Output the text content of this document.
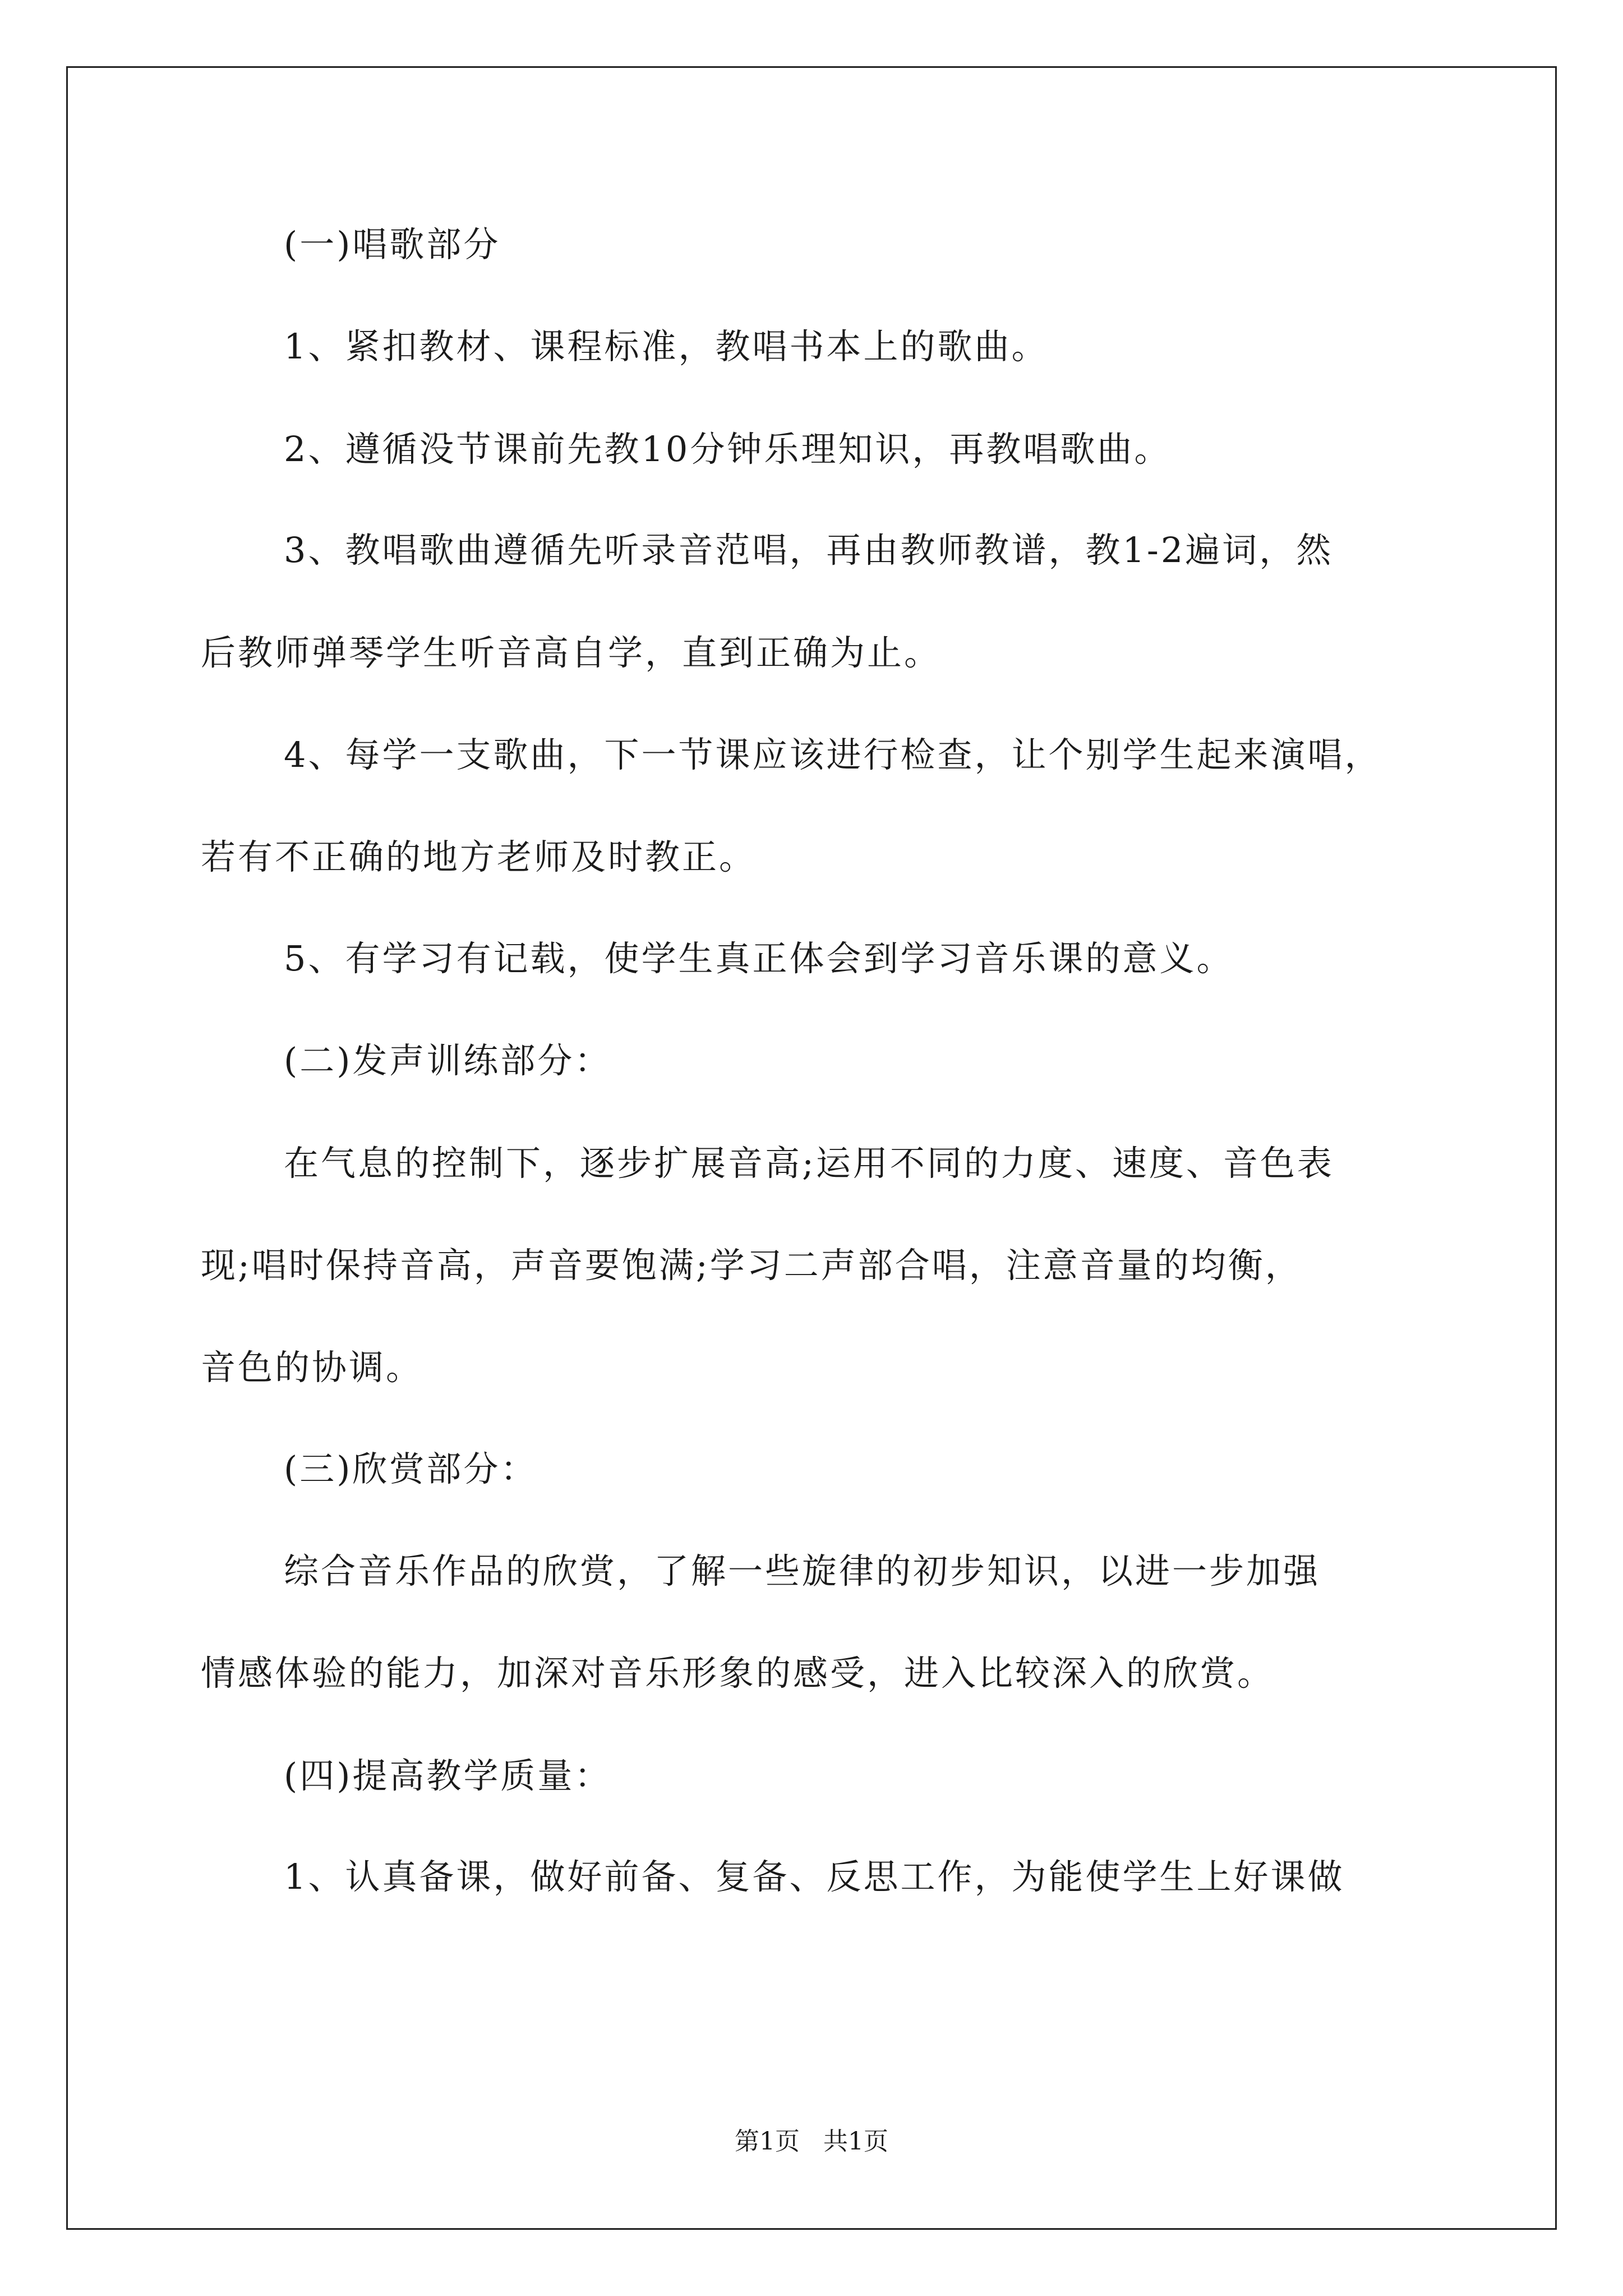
(一)唱歌部分
1、紧扣教材、课程标准，教唱书本上的歌曲。
2、遵循没节课前先教10分钟乐理知识，再教唱歌曲。
3、教唱歌曲遵循先听录音范唱，再由教师教谱，教1-2遍词，然
后教师弹琴学生听音高自学，直到正确为止。
4、每学一支歌曲，下一节课应该进行检查，让个别学生起来演唱，
若有不正确的地方老师及时教正。
5、有学习有记载，使学生真正体会到学习音乐课的意义。
(二)发声训练部分：
在气息的控制下，逐步扩展音高;运用不同的力度、速度、音色表
现;唱时保持音高，声音要饱满;学习二声部合唱，注意音量的均衡，
音色的协调。
(三)欣赏部分：
综合音乐作品的欣赏，了解一些旋律的初步知识，以进一步加强
情感体验的能力，加深对音乐形象的感受，进入比较深入的欣赏。
(四)提高教学质量：
1、认真备课，做好前备、复备、反思工作，为能使学生上好课做
第1页   共1页
